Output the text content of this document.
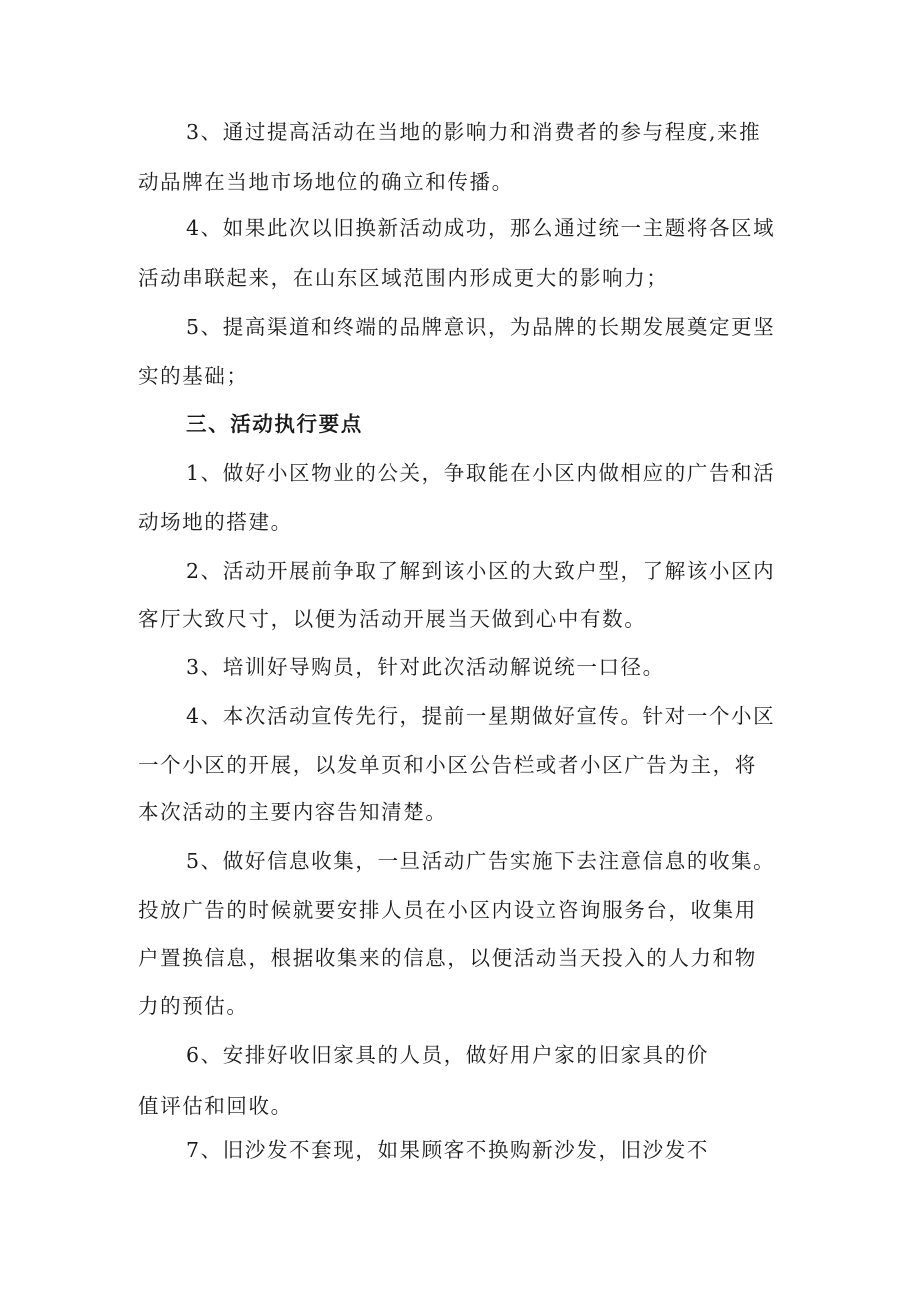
3、通过提高活动在当地的影响力和消费者的参与程度,来推
动品牌在当地市场地位的确立和传播。
4、如果此次以旧换新活动成功，那么通过统一主题将各区域
活动串联起来，在山东区域范围内形成更大的影响力；
5、提高渠道和终端的品牌意识，为品牌的长期发展奠定更坚
实的基础；
三、活动执行要点
1、做好小区物业的公关，争取能在小区内做相应的广告和活
动场地的搭建。
2、活动开展前争取了解到该小区的大致户型，了解该小区内
客厅大致尺寸，以便为活动开展当天做到心中有数。
3、培训好导购员，针对此次活动解说统一口径。
4、本次活动宣传先行，提前一星期做好宣传。针对一个小区
一个小区的开展，以发单页和小区公告栏或者小区广告为主，将
本次活动的主要内容告知清楚。
5、做好信息收集，一旦活动广告实施下去注意信息的收集。
投放广告的时候就要安排人员在小区内设立咨询服务台，收集用
户置换信息，根据收集来的信息，以便活动当天投入的人力和物
力的预估。
6、安排好收旧家具的人员，做好用户家的旧家具的价
值评估和回收。
7、旧沙发不套现，如果顾客不换购新沙发，旧沙发不
